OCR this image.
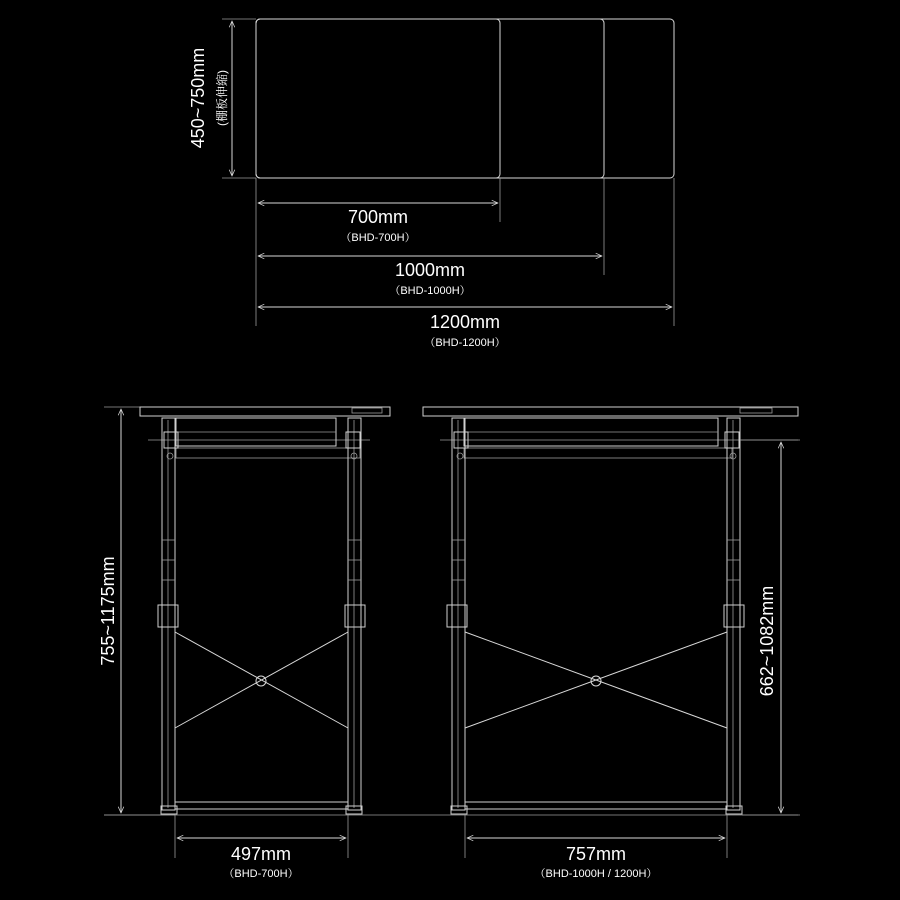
450~750mm (棚板伸縮)
700mm
（BHD-700H）
1000mm
（BHD-1000H）
1200mm
（BHD-1200H）
755~1175mm
497mm
（BHD-700H）
662~1082mm
757mm
（BHD-1000H / 1200H）
